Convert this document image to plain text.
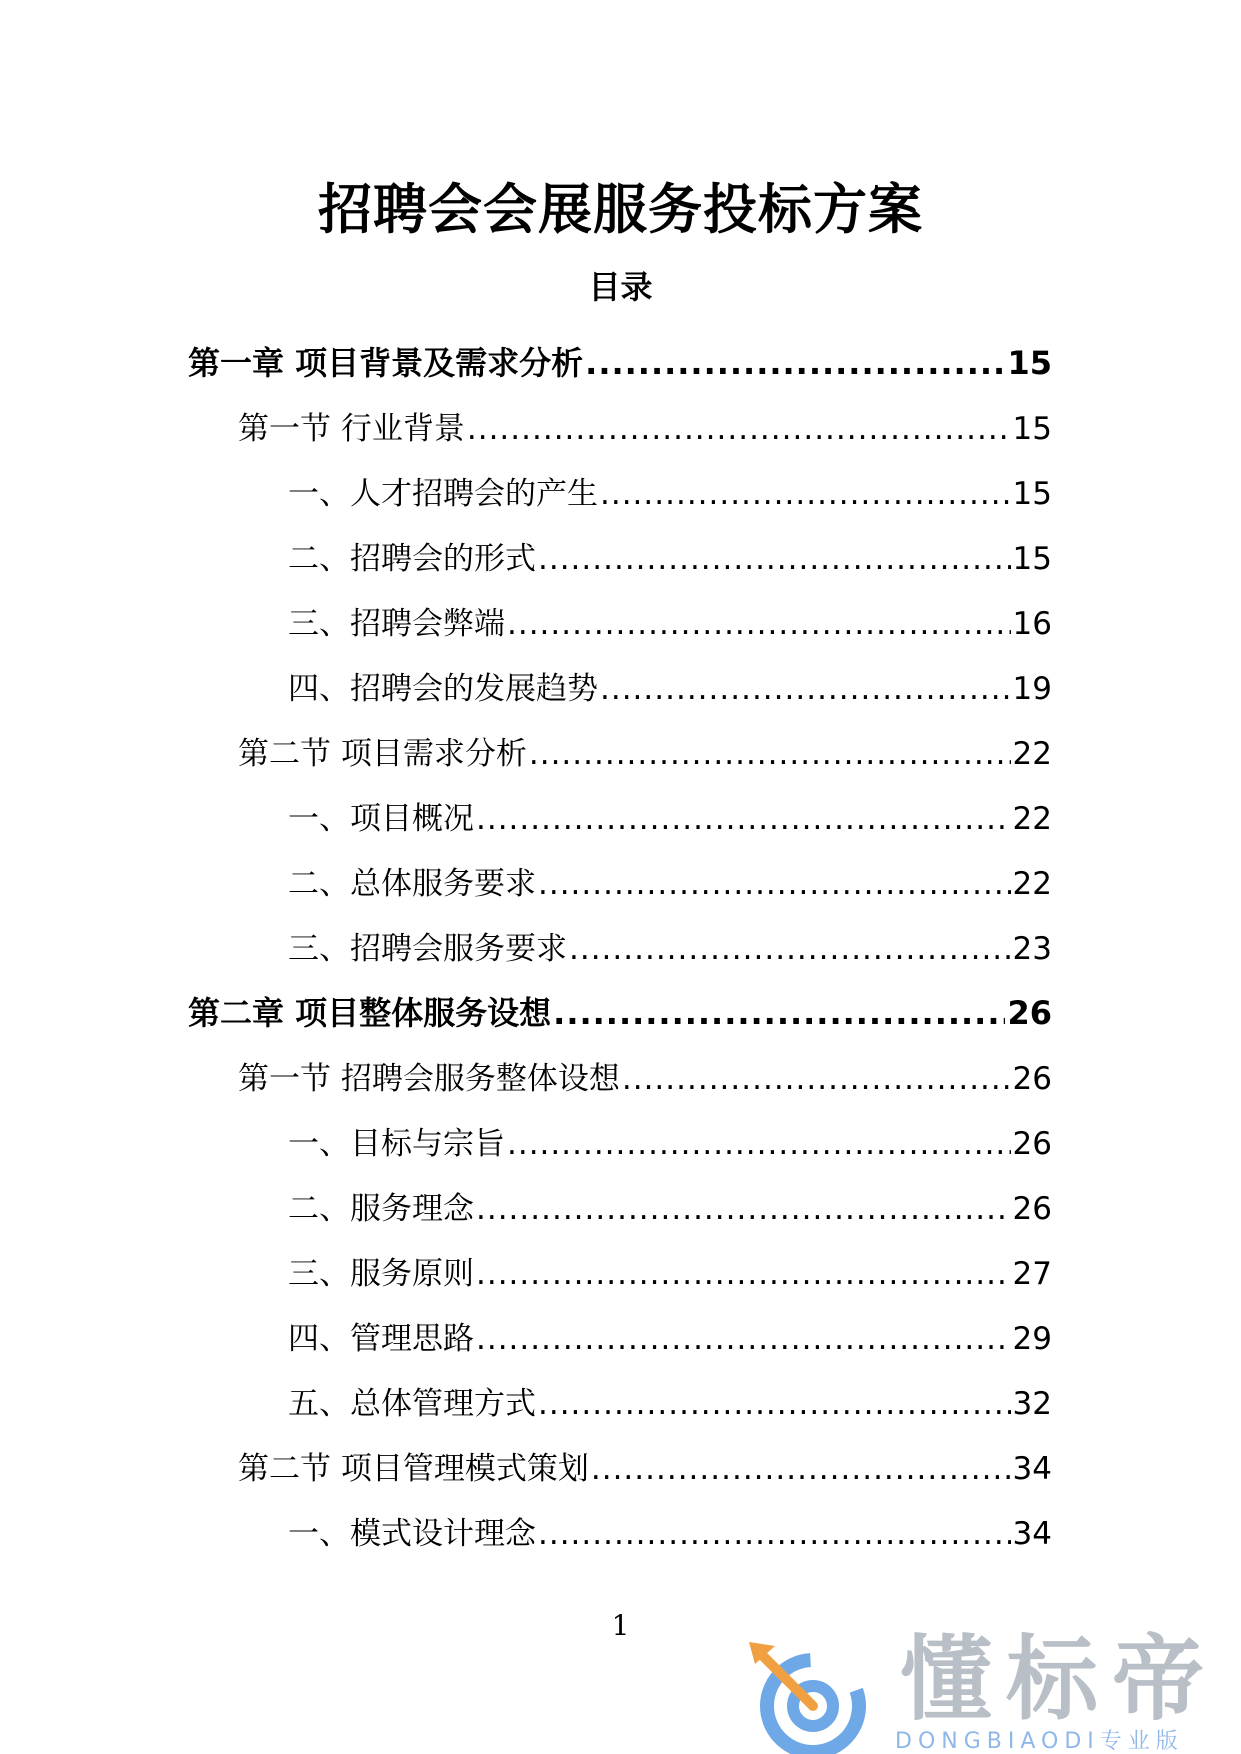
招聘会会展服务投标方案
目录
第一章 项目背景及需求分析 .....	15
第一节 行业背景 .....	15
一、人才招聘会的产生 .....	15
二、招聘会的形式 .....	15
三、招聘会弊端 .....	16
四、招聘会的发展趋势 .....	19
第二节 项目需求分析 .....	22
一、项目概况 .....	22
二、总体服务要求 .....	22
三、招聘会服务要求 .....	23
第二章 项目整体服务设想 .....	26
第一节 招聘会服务整体设想 .....	26
一、目标与宗旨 .....	26
二、服务理念 .....	26
三、服务原则 .....	27
四、管理思路 .....	29
五、总体管理方式 .....	32
第二节 项目管理模式策划 .....	34
一、模式设计理念 .....	34
1
懂标帝
DONGBIAODI专业版
